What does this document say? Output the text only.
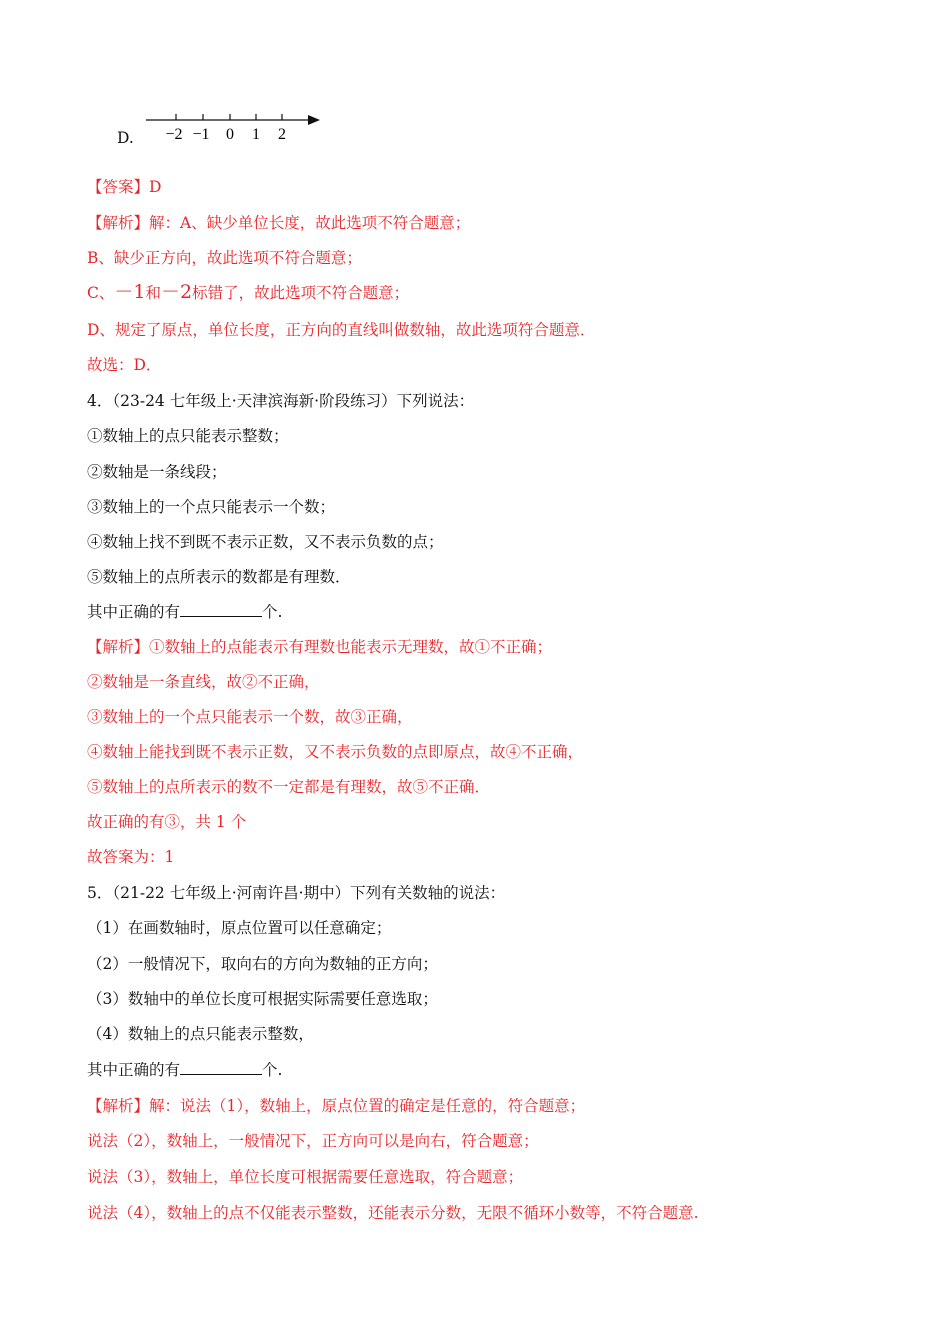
D. −2 −1 0 1 2
【答案】D
【解析】解：A、缺少单位长度，故此选项不符合题意；
B、缺少正方向，故此选项不符合题意；
C、－1和－2标错了，故此选项不符合题意；
D、规定了原点，单位长度，正方向的直线叫做数轴，故此选项符合题意．
故选：D．
4．（23-24 七年级上·天津滨海新·阶段练习）下列说法：
①数轴上的点只能表示整数；
②数轴是一条线段；
③数轴上的一个点只能表示一个数；
④数轴上找不到既不表示正数，又不表示负数的点；
⑤数轴上的点所表示的数都是有理数．
其中正确的有	个.
【解析】①数轴上的点能表示有理数也能表示无理数，故①不正确；
②数轴是一条直线，故②不正确，
③数轴上的一个点只能表示一个数，故③正确，
④数轴上能找到既不表示正数，又不表示负数的点即原点，故④不正确，
⑤数轴上的点所表示的数不一定都是有理数，故⑤不正确．
故正确的有③，共 1 个
故答案为：1
5．（21-22 七年级上·河南许昌·期中）下列有关数轴的说法：
（1）在画数轴时，原点位置可以任意确定；
（2）一般情况下，取向右的方向为数轴的正方向；
（3）数轴中的单位长度可根据实际需要任意选取；
（4）数轴上的点只能表示整数，
其中正确的有	个.
【解析】解：说法（1），数轴上，原点位置的确定是任意的，符合题意；
说法（2），数轴上，一般情况下，正方向可以是向右，符合题意；
说法（3），数轴上，单位长度可根据需要任意选取，符合题意；
说法（4），数轴上的点不仅能表示整数，还能表示分数，无限不循环小数等，不符合题意.
